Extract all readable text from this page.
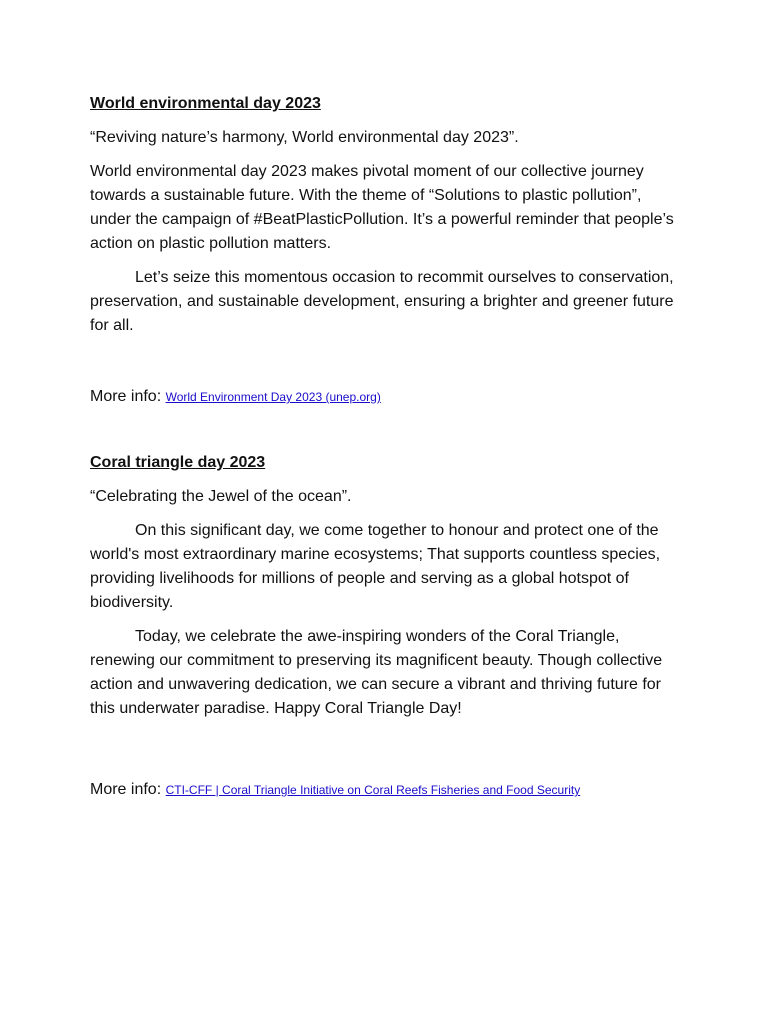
World environmental day 2023

“Reviving nature’s harmony, World environmental day 2023”.

World environmental day 2023 makes pivotal moment of our collective journey towards a sustainable future. With the theme of “Solutions to plastic pollution”, under the campaign of #BeatPlasticPollution. It’s a powerful reminder that people’s action on plastic pollution matters.

Let’s seize this momentous occasion to recommit ourselves to conservation, preservation, and sustainable development, ensuring a brighter and greener future for all.

More info: World Environment Day 2023 (unep.org)

Coral triangle day 2023

“Celebrating the Jewel of the ocean”.

On this significant day, we come together to honour and protect one of the world's most extraordinary marine ecosystems; That supports countless species, providing livelihoods for millions of people and serving as a global hotspot of biodiversity.

Today, we celebrate the awe-inspiring wonders of the Coral Triangle, renewing our commitment to preserving its magnificent beauty. Though collective action and unwavering dedication, we can secure a vibrant and thriving future for this underwater paradise. Happy Coral Triangle Day!

More info: CTI-CFF | Coral Triangle Initiative on Coral Reefs Fisheries and Food Security
